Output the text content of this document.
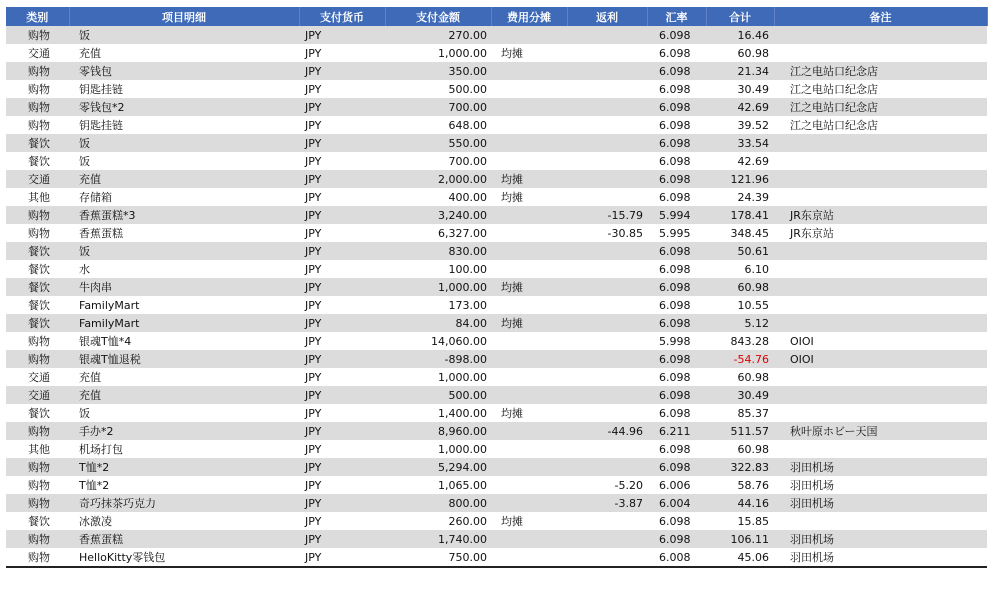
类别	项目明细	支付货币	支付金额	费用分摊	返利	汇率	合计	备注
购物	饭	JPY	270.00			6.098	16.46	
交通	充值	JPY	1,000.00	均摊		6.098	60.98	
购物	零钱包	JPY	350.00			6.098	21.34	江之电站口纪念店
购物	钥匙挂链	JPY	500.00			6.098	30.49	江之电站口纪念店
购物	零钱包*2	JPY	700.00			6.098	42.69	江之电站口纪念店
购物	钥匙挂链	JPY	648.00			6.098	39.52	江之电站口纪念店
餐饮	饭	JPY	550.00			6.098	33.54	
餐饮	饭	JPY	700.00			6.098	42.69	
交通	充值	JPY	2,000.00	均摊		6.098	121.96	
其他	存储箱	JPY	400.00	均摊		6.098	24.39	
购物	香蕉蛋糕*3	JPY	3,240.00		-15.79	5.994	178.41	JR东京站
购物	香蕉蛋糕	JPY	6,327.00		-30.85	5.995	348.45	JR东京站
餐饮	饭	JPY	830.00			6.098	50.61	
餐饮	水	JPY	100.00			6.098	6.10	
餐饮	牛肉串	JPY	1,000.00	均摊		6.098	60.98	
餐饮	FamilyMart	JPY	173.00			6.098	10.55	
餐饮	FamilyMart	JPY	84.00	均摊		6.098	5.12	
购物	银魂T恤*4	JPY	14,060.00			5.998	843.28	OIOI
购物	银魂T恤退税	JPY	-898.00			6.098	-54.76	OIOI
交通	充值	JPY	1,000.00			6.098	60.98	
交通	充值	JPY	500.00			6.098	30.49	
餐饮	饭	JPY	1,400.00	均摊		6.098	85.37	
购物	手办*2	JPY	8,960.00		-44.96	6.211	511.57	秋叶原ホビー天国
其他	机场打包	JPY	1,000.00			6.098	60.98	
购物	T恤*2	JPY	5,294.00			6.098	322.83	羽田机场
购物	T恤*2	JPY	1,065.00		-5.20	6.006	58.76	羽田机场
购物	奇巧抹茶巧克力	JPY	800.00		-3.87	6.004	44.16	羽田机场
餐饮	冰激凌	JPY	260.00	均摊		6.098	15.85	
购物	香蕉蛋糕	JPY	1,740.00			6.098	106.11	羽田机场
购物	HelloKitty零钱包	JPY	750.00			6.008	45.06	羽田机场
